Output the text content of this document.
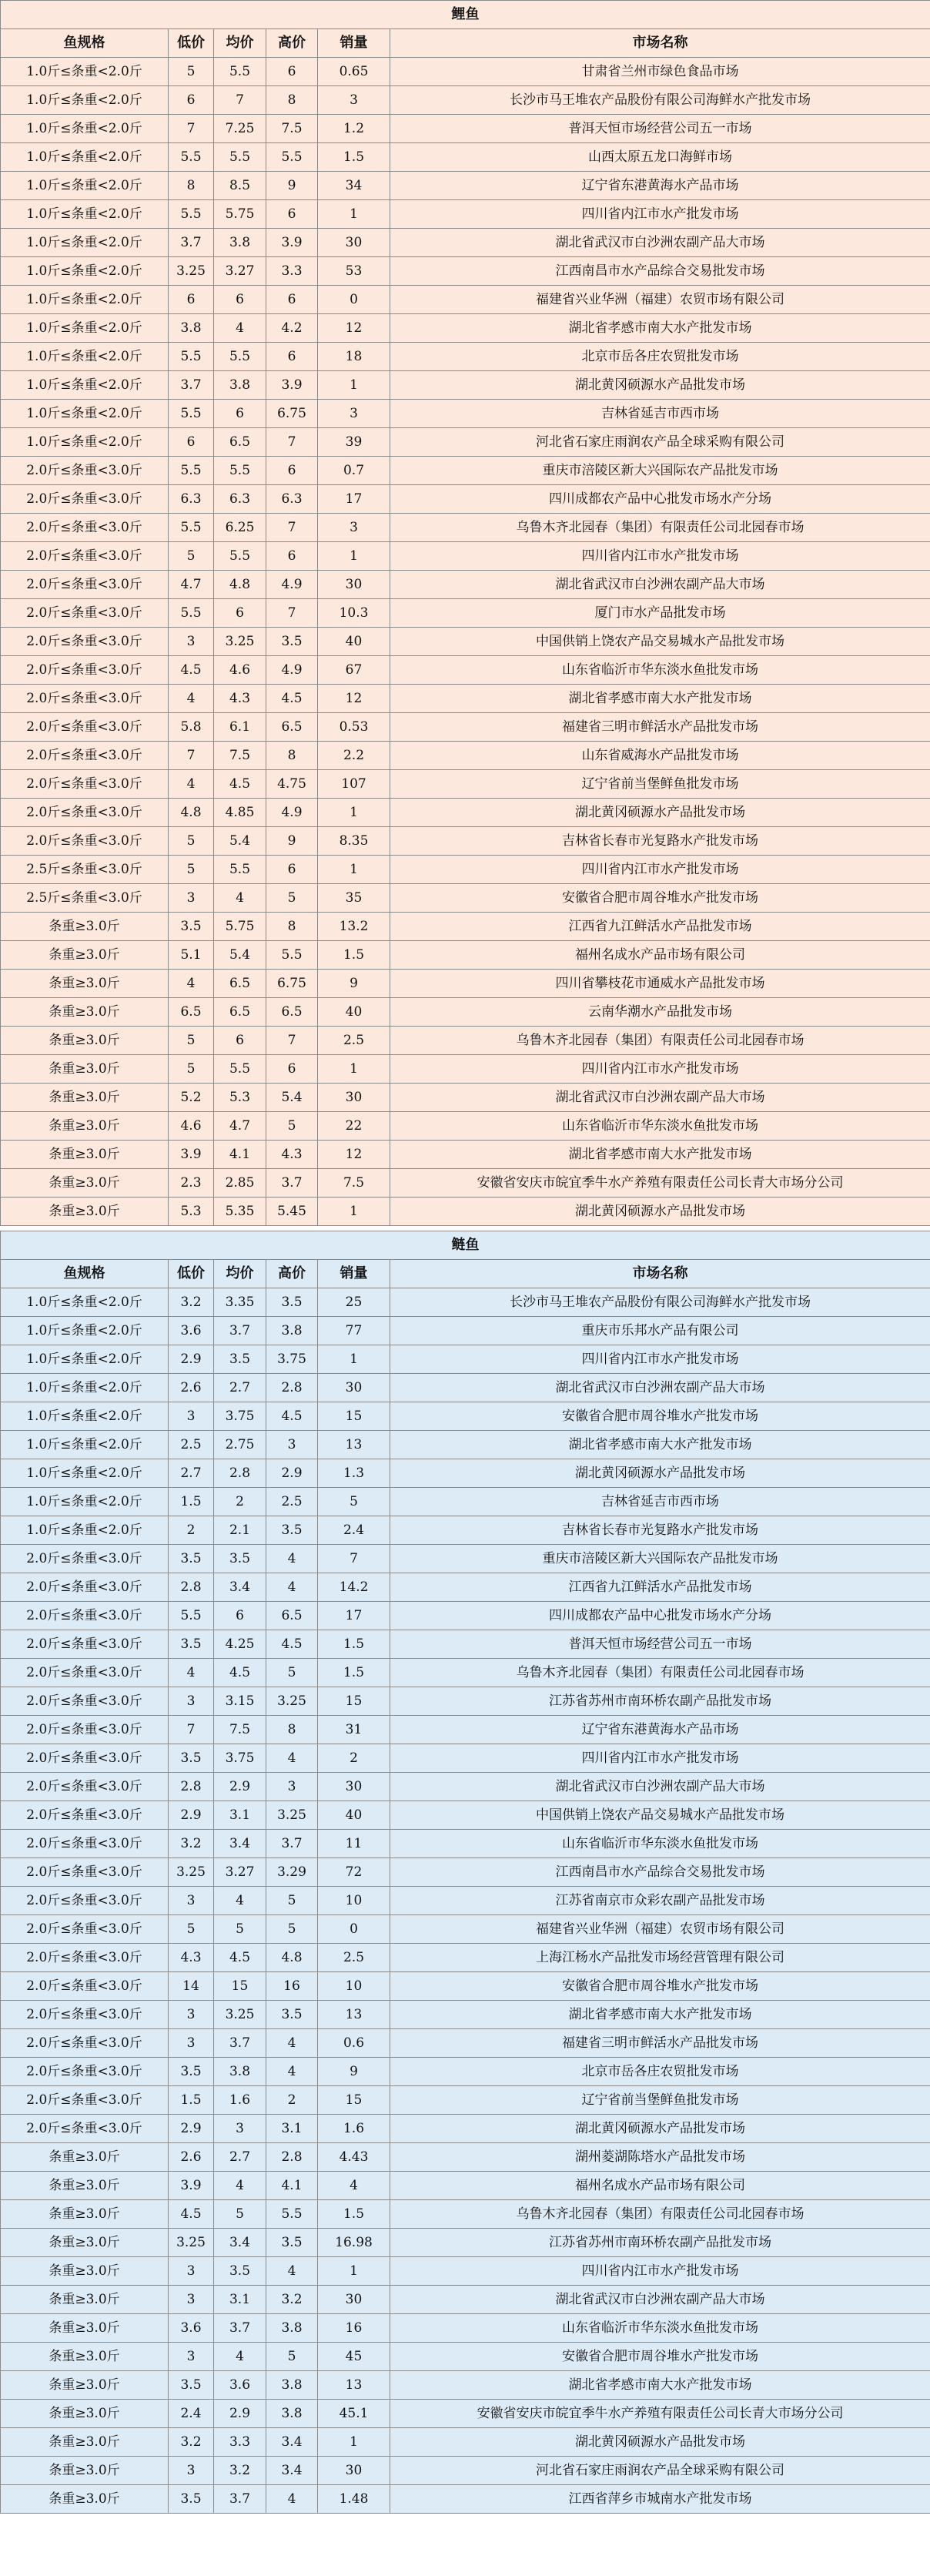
鲤鱼					
鱼规格	低价	均价	高价	销量	市场名称
1.0斤≤条重<2.0斤	5	5.5	6	0.65	甘肃省兰州市绿色食品市场
1.0斤≤条重<2.0斤	6	7	8	3	长沙市马王堆农产品股份有限公司海鲜水产批发市场
1.0斤≤条重<2.0斤	7	7.25	7.5	1.2	普洱天恒市场经营公司五一市场
1.0斤≤条重<2.0斤	5.5	5.5	5.5	1.5	山西太原五龙口海鲜市场
1.0斤≤条重<2.0斤	8	8.5	9	34	辽宁省东港黄海水产品市场
1.0斤≤条重<2.0斤	5.5	5.75	6	1	四川省内江市水产批发市场
1.0斤≤条重<2.0斤	3.7	3.8	3.9	30	湖北省武汉市白沙洲农副产品大市场
1.0斤≤条重<2.0斤	3.25	3.27	3.3	53	江西南昌市水产品综合交易批发市场
1.0斤≤条重<2.0斤	6	6	6	0	福建省兴业华洲（福建）农贸市场有限公司
1.0斤≤条重<2.0斤	3.8	4	4.2	12	湖北省孝感市南大水产批发市场
1.0斤≤条重<2.0斤	5.5	5.5	6	18	北京市岳各庄农贸批发市场
1.0斤≤条重<2.0斤	3.7	3.8	3.9	1	湖北黄冈硕源水产品批发市场
1.0斤≤条重<2.0斤	5.5	6	6.75	3	吉林省延吉市西市场
1.0斤≤条重<2.0斤	6	6.5	7	39	河北省石家庄雨润农产品全球采购有限公司
2.0斤≤条重<3.0斤	5.5	5.5	6	0.7	重庆市涪陵区新大兴国际农产品批发市场
2.0斤≤条重<3.0斤	6.3	6.3	6.3	17	四川成都农产品中心批发市场水产分场
2.0斤≤条重<3.0斤	5.5	6.25	7	3	乌鲁木齐北园春（集团）有限责任公司北园春市场
2.0斤≤条重<3.0斤	5	5.5	6	1	四川省内江市水产批发市场
2.0斤≤条重<3.0斤	4.7	4.8	4.9	30	湖北省武汉市白沙洲农副产品大市场
2.0斤≤条重<3.0斤	5.5	6	7	10.3	厦门市水产品批发市场
2.0斤≤条重<3.0斤	3	3.25	3.5	40	中国供销上饶农产品交易城水产品批发市场
2.0斤≤条重<3.0斤	4.5	4.6	4.9	67	山东省临沂市华东淡水鱼批发市场
2.0斤≤条重<3.0斤	4	4.3	4.5	12	湖北省孝感市南大水产批发市场
2.0斤≤条重<3.0斤	5.8	6.1	6.5	0.53	福建省三明市鲜活水产品批发市场
2.0斤≤条重<3.0斤	7	7.5	8	2.2	山东省威海水产品批发市场
2.0斤≤条重<3.0斤	4	4.5	4.75	107	辽宁省前当堡鲜鱼批发市场
2.0斤≤条重<3.0斤	4.8	4.85	4.9	1	湖北黄冈硕源水产品批发市场
2.0斤≤条重<3.0斤	5	5.4	9	8.35	吉林省长春市光复路水产批发市场
2.5斤≤条重<3.0斤	5	5.5	6	1	四川省内江市水产批发市场
2.5斤≤条重<3.0斤	3	4	5	35	安徽省合肥市周谷堆水产批发市场
条重≥3.0斤	3.5	5.75	8	13.2	江西省九江鲜活水产品批发市场
条重≥3.0斤	5.1	5.4	5.5	1.5	福州名成水产品市场有限公司
条重≥3.0斤	4	6.5	6.75	9	四川省攀枝花市通威水产品批发市场
条重≥3.0斤	6.5	6.5	6.5	40	云南华潮水产品批发市场
条重≥3.0斤	5	6	7	2.5	乌鲁木齐北园春（集团）有限责任公司北园春市场
条重≥3.0斤	5	5.5	6	1	四川省内江市水产批发市场
条重≥3.0斤	5.2	5.3	5.4	30	湖北省武汉市白沙洲农副产品大市场
条重≥3.0斤	4.6	4.7	5	22	山东省临沂市华东淡水鱼批发市场
条重≥3.0斤	3.9	4.1	4.3	12	湖北省孝感市南大水产批发市场
条重≥3.0斤	2.3	2.85	3.7	7.5	安徽省安庆市皖宜季牛水产养殖有限责任公司长青大市场分公司
条重≥3.0斤	5.3	5.35	5.45	1	湖北黄冈硕源水产品批发市场
鲢鱼					
鱼规格	低价	均价	高价	销量	市场名称
1.0斤≤条重<2.0斤	3.2	3.35	3.5	25	长沙市马王堆农产品股份有限公司海鲜水产批发市场
1.0斤≤条重<2.0斤	3.6	3.7	3.8	77	重庆市乐邦水产品有限公司
1.0斤≤条重<2.0斤	2.9	3.5	3.75	1	四川省内江市水产批发市场
1.0斤≤条重<2.0斤	2.6	2.7	2.8	30	湖北省武汉市白沙洲农副产品大市场
1.0斤≤条重<2.0斤	3	3.75	4.5	15	安徽省合肥市周谷堆水产批发市场
1.0斤≤条重<2.0斤	2.5	2.75	3	13	湖北省孝感市南大水产批发市场
1.0斤≤条重<2.0斤	2.7	2.8	2.9	1.3	湖北黄冈硕源水产品批发市场
1.0斤≤条重<2.0斤	1.5	2	2.5	5	吉林省延吉市西市场
1.0斤≤条重<2.0斤	2	2.1	3.5	2.4	吉林省长春市光复路水产批发市场
2.0斤≤条重<3.0斤	3.5	3.5	4	7	重庆市涪陵区新大兴国际农产品批发市场
2.0斤≤条重<3.0斤	2.8	3.4	4	14.2	江西省九江鲜活水产品批发市场
2.0斤≤条重<3.0斤	5.5	6	6.5	17	四川成都农产品中心批发市场水产分场
2.0斤≤条重<3.0斤	3.5	4.25	4.5	1.5	普洱天恒市场经营公司五一市场
2.0斤≤条重<3.0斤	4	4.5	5	1.5	乌鲁木齐北园春（集团）有限责任公司北园春市场
2.0斤≤条重<3.0斤	3	3.15	3.25	15	江苏省苏州市南环桥农副产品批发市场
2.0斤≤条重<3.0斤	7	7.5	8	31	辽宁省东港黄海水产品市场
2.0斤≤条重<3.0斤	3.5	3.75	4	2	四川省内江市水产批发市场
2.0斤≤条重<3.0斤	2.8	2.9	3	30	湖北省武汉市白沙洲农副产品大市场
2.0斤≤条重<3.0斤	2.9	3.1	3.25	40	中国供销上饶农产品交易城水产品批发市场
2.0斤≤条重<3.0斤	3.2	3.4	3.7	11	山东省临沂市华东淡水鱼批发市场
2.0斤≤条重<3.0斤	3.25	3.27	3.29	72	江西南昌市水产品综合交易批发市场
2.0斤≤条重<3.0斤	3	4	5	10	江苏省南京市众彩农副产品批发市场
2.0斤≤条重<3.0斤	5	5	5	0	福建省兴业华洲（福建）农贸市场有限公司
2.0斤≤条重<3.0斤	4.3	4.5	4.8	2.5	上海江杨水产品批发市场经营管理有限公司
2.0斤≤条重<3.0斤	14	15	16	10	安徽省合肥市周谷堆水产批发市场
2.0斤≤条重<3.0斤	3	3.25	3.5	13	湖北省孝感市南大水产批发市场
2.0斤≤条重<3.0斤	3	3.7	4	0.6	福建省三明市鲜活水产品批发市场
2.0斤≤条重<3.0斤	3.5	3.8	4	9	北京市岳各庄农贸批发市场
2.0斤≤条重<3.0斤	1.5	1.6	2	15	辽宁省前当堡鲜鱼批发市场
2.0斤≤条重<3.0斤	2.9	3	3.1	1.6	湖北黄冈硕源水产品批发市场
条重≥3.0斤	2.6	2.7	2.8	4.43	湖州菱湖陈塔水产品批发市场
条重≥3.0斤	3.9	4	4.1	4	福州名成水产品市场有限公司
条重≥3.0斤	4.5	5	5.5	1.5	乌鲁木齐北园春（集团）有限责任公司北园春市场
条重≥3.0斤	3.25	3.4	3.5	16.98	江苏省苏州市南环桥农副产品批发市场
条重≥3.0斤	3	3.5	4	1	四川省内江市水产批发市场
条重≥3.0斤	3	3.1	3.2	30	湖北省武汉市白沙洲农副产品大市场
条重≥3.0斤	3.6	3.7	3.8	16	山东省临沂市华东淡水鱼批发市场
条重≥3.0斤	3	4	5	45	安徽省合肥市周谷堆水产批发市场
条重≥3.0斤	3.5	3.6	3.8	13	湖北省孝感市南大水产批发市场
条重≥3.0斤	2.4	2.9	3.8	45.1	安徽省安庆市皖宜季牛水产养殖有限责任公司长青大市场分公司
条重≥3.0斤	3.2	3.3	3.4	1	湖北黄冈硕源水产品批发市场
条重≥3.0斤	3	3.2	3.4	30	河北省石家庄雨润农产品全球采购有限公司
条重≥3.0斤	3.5	3.7	4	1.48	江西省萍乡市城南水产批发市场
